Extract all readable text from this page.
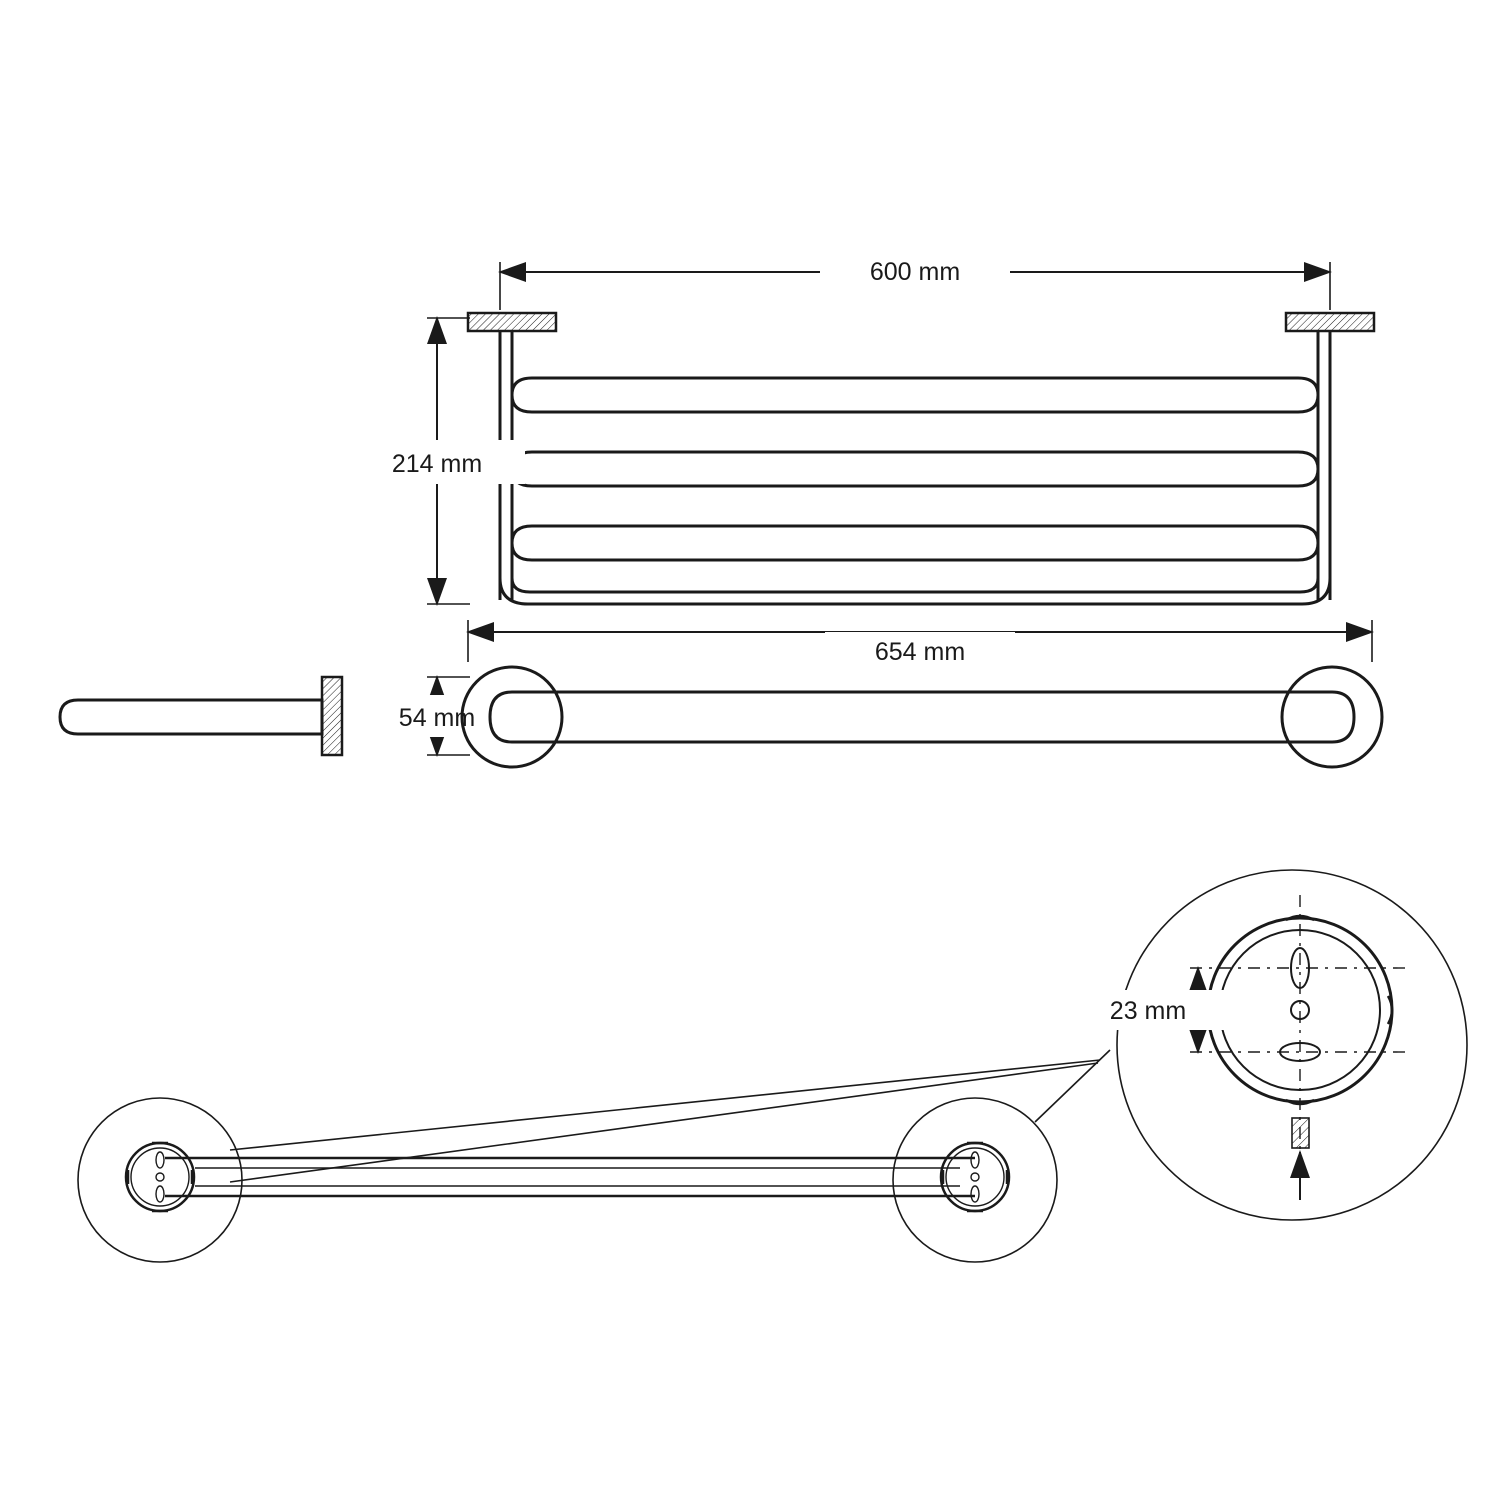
600 mm
214 mm
654 mm
54 mm
23 mm
